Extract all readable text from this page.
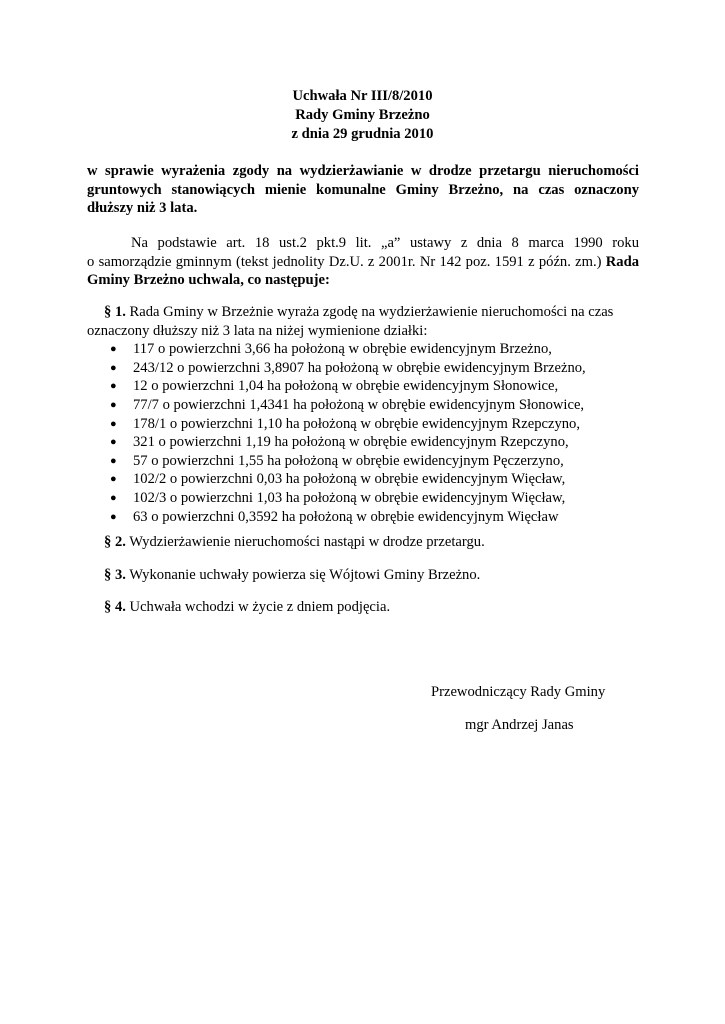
Uchwała Nr III/8/2010
Rady Gminy Brzeżno
z dnia 29 grudnia 2010
w sprawie wyrażenia zgody na wydzierżawianie w drodze przetargu nieruchomości
gruntowych stanowiących mienie komunalne Gminy Brzeżno, na czas oznaczony
dłuższy niż 3 lata.
Na podstawie art. 18 ust.2 pkt.9 lit. „a” ustawy z dnia 8 marca 1990 roku
o samorządzie gminnym (tekst jednolity Dz.U. z 2001r. Nr 142 poz. 1591 z późn. zm.) Rada
Gminy Brzeżno uchwala, co następuje:
§ 1. Rada Gminy w Brzeżnie wyraża zgodę na wydzierżawienie nieruchomości na czas
oznaczony dłuższy niż 3 lata na niżej wymienione działki:
● 117 o powierzchni 3,66 ha położoną w obrębie ewidencyjnym Brzeżno,
● 243/12 o powierzchni 3,8907 ha położoną w obrębie ewidencyjnym Brzeżno,
● 12 o powierzchni 1,04 ha położoną w obrębie ewidencyjnym Słonowice,
● 77/7 o powierzchni 1,4341 ha położoną w obrębie ewidencyjnym Słonowice,
● 178/1 o powierzchni 1,10 ha położoną w obrębie ewidencyjnym Rzepczyno,
● 321 o powierzchni 1,19 ha położoną w obrębie ewidencyjnym Rzepczyno,
● 57 o powierzchni 1,55 ha położoną w obrębie ewidencyjnym Pęczerzyno,
● 102/2 o powierzchni 0,03 ha położoną w obrębie ewidencyjnym Więcław,
● 102/3 o powierzchni 1,03 ha położoną w obrębie ewidencyjnym Więcław,
● 63 o powierzchni 0,3592 ha położoną w obrębie ewidencyjnym Więcław
§ 2. Wydzierżawienie nieruchomości nastąpi w drodze przetargu.
§ 3. Wykonanie uchwały powierza się Wójtowi Gminy Brzeżno.
§ 4. Uchwała wchodzi w życie z dniem podjęcia.
Przewodniczący Rady Gminy
mgr Andrzej Janas
